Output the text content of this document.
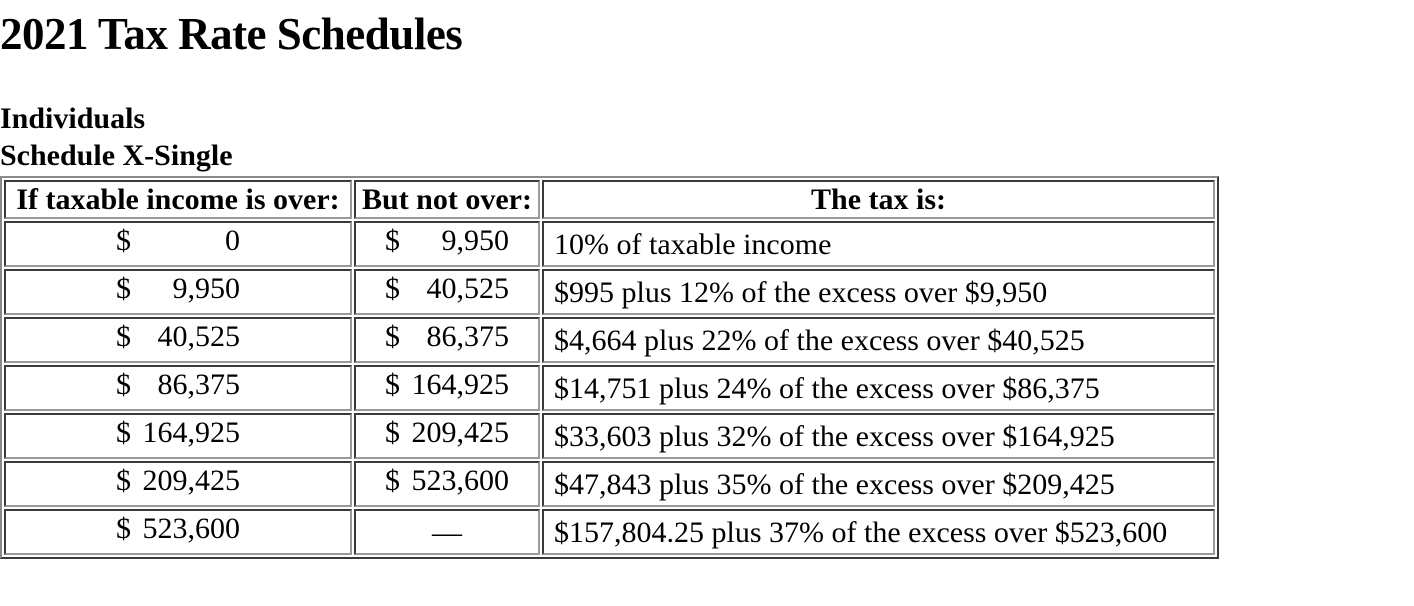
2021 Tax Rate Schedules
Individuals
Schedule X-Single
If taxable income is over:	But not over:	The tax is:

$ 0	$ 9,950	10% of taxable income

$ 9,950	$ 40,525	$995 plus 12% of the excess over $9,950

$ 40,525	$ 86,375	$4,664 plus 22% of the excess over $40,525

$ 86,375	$ 164,925	$14,751 plus 24% of the excess over $86,375

$ 164,925	$ 209,425	$33,603 plus 32% of the excess over $164,925

$ 209,425	$ 523,600	$47,843 plus 35% of the excess over $209,425

$ 523,600	—	$157,804.25 plus 37% of the excess over $523,600
